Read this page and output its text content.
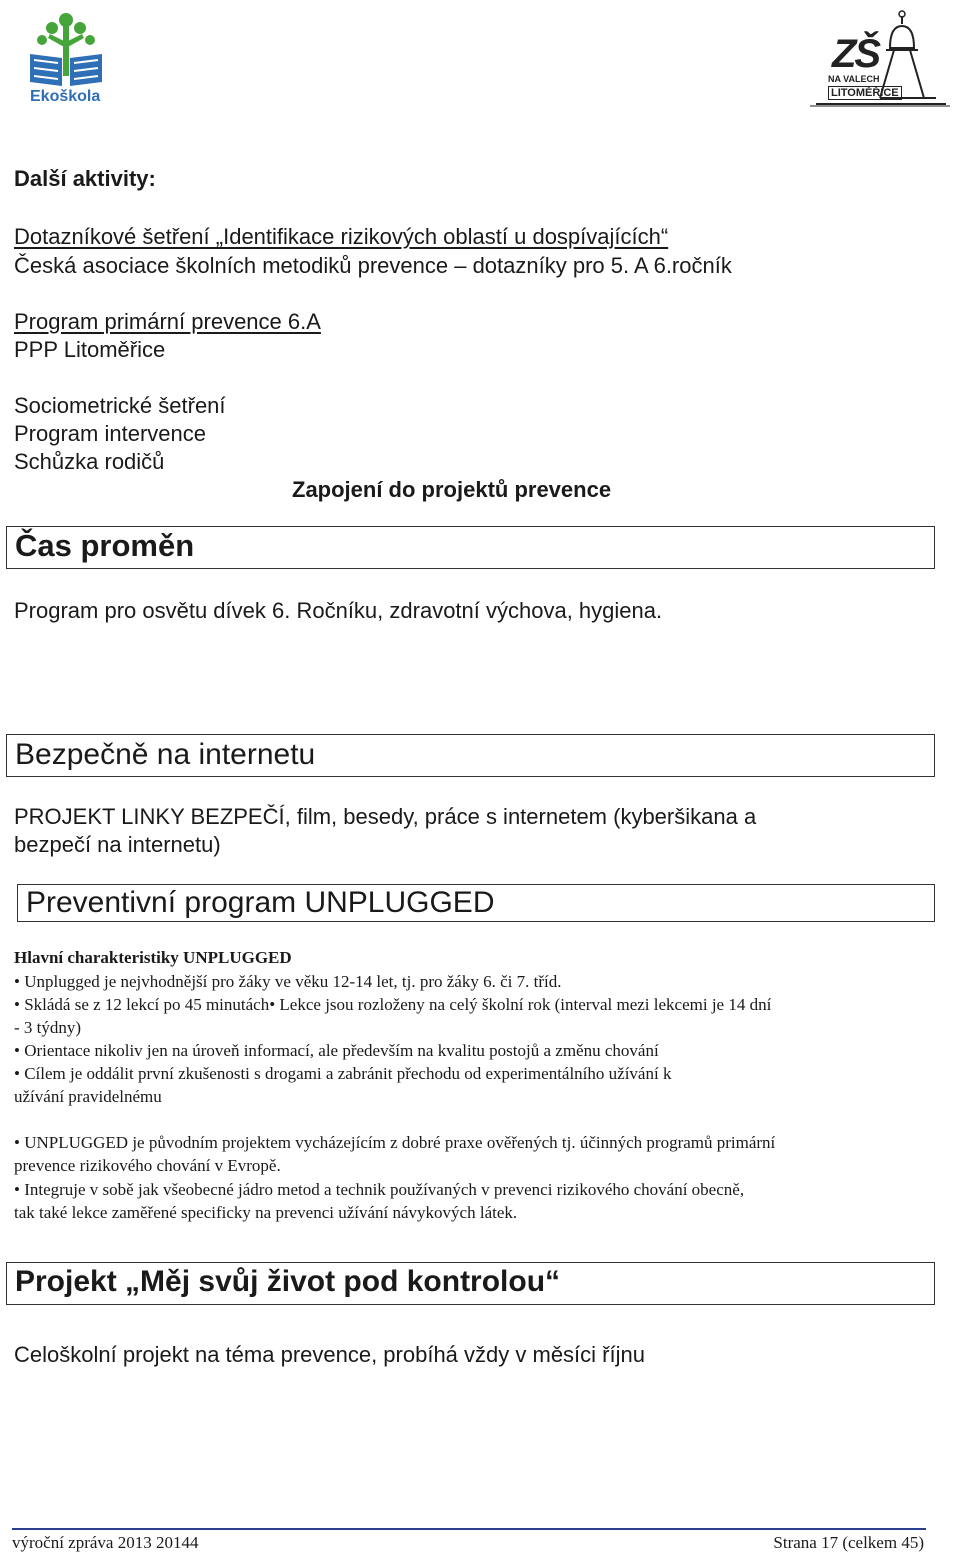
Ekoškola
ZŠ
NA VALECH
LITOMĚŘICE
Další aktivity:
Dotazníkové šetření „Identifikace rizikových oblastí u dospívajících“
Česká asociace školních metodiků prevence – dotazníky pro 5. A 6.ročník
Program primární prevence 6.A
PPP Litoměřice
Sociometrické šetření
Program intervence
Schůzka rodičů
Zapojení do projektů prevence
Čas proměn
Program pro osvětu dívek 6. Ročníku, zdravotní výchova, hygiena.
Bezpečně na internetu
PROJEKT LINKY BEZPEČÍ, film, besedy, práce s internetem (kyberšikana a
bezpečí na internetu)
Preventivní program UNPLUGGED
Hlavní charakteristiky UNPLUGGED
• Unplugged je nejvhodnější pro žáky ve věku 12-14 let, tj. pro žáky 6. či 7. tříd.
• Skládá se z 12 lekcí po 45 minutách• Lekce jsou rozloženy na celý školní rok (interval mezi lekcemi je 14 dní
- 3 týdny)
• Orientace nikoliv jen na úroveň informací, ale především na kvalitu postojů a změnu chování
• Cílem je oddálit první zkušenosti s drogami a zabránit přechodu od experimentálního užívání k
užívání pravidelnému
• UNPLUGGED je původním projektem vycházejícím z dobré praxe ověřených tj. účinných programů primární
prevence rizikového chování v Evropě.
• Integruje v sobě jak všeobecné jádro metod a technik používaných v prevenci rizikového chování obecně,
tak také lekce zaměřené specificky na prevenci užívání návykových látek.
Projekt „Měj svůj život pod kontrolou“
Celoškolní projekt na téma prevence, probíhá vždy v měsíci říjnu
výroční zpráva 2013 20144	Strana 17 (celkem 45)
